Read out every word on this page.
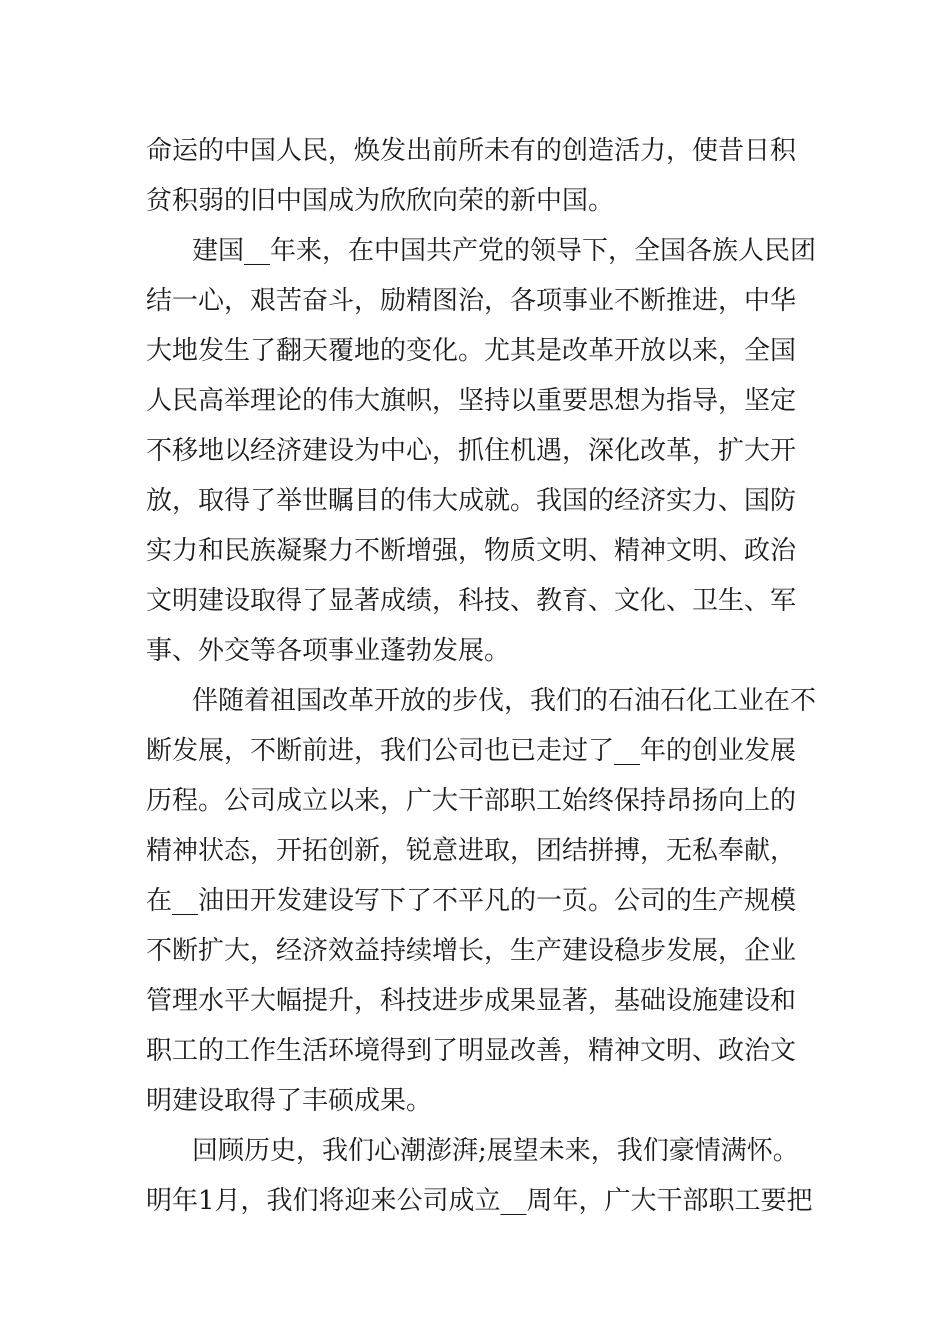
命运的中国人民，焕发出前所未有的创造活力，使昔日积
贫积弱的旧中国成为欣欣向荣的新中国。
建国__年来，在中国共产党的领导下，全国各族人民团
结一心，艰苦奋斗，励精图治，各项事业不断推进，中华
大地发生了翻天覆地的变化。尤其是改革开放以来，全国
人民高举理论的伟大旗帜，坚持以重要思想为指导，坚定
不移地以经济建设为中心，抓住机遇，深化改革，扩大开
放，取得了举世瞩目的伟大成就。我国的经济实力、国防
实力和民族凝聚力不断增强，物质文明、精神文明、政治
文明建设取得了显著成绩，科技、教育、文化、卫生、军
事、外交等各项事业蓬勃发展。
伴随着祖国改革开放的步伐，我们的石油石化工业在不
断发展，不断前进，我们公司也已走过了__年的创业发展
历程。公司成立以来，广大干部职工始终保持昂扬向上的
精神状态，开拓创新，锐意进取，团结拼搏，无私奉献，
在__油田开发建设写下了不平凡的一页。公司的生产规模
不断扩大，经济效益持续增长，生产建设稳步发展，企业
管理水平大幅提升，科技进步成果显著，基础设施建设和
职工的工作生活环境得到了明显改善，精神文明、政治文
明建设取得了丰硕成果。
回顾历史，我们心潮澎湃;展望未来，我们豪情满怀。
明年1月，我们将迎来公司成立__周年，广大干部职工要把
